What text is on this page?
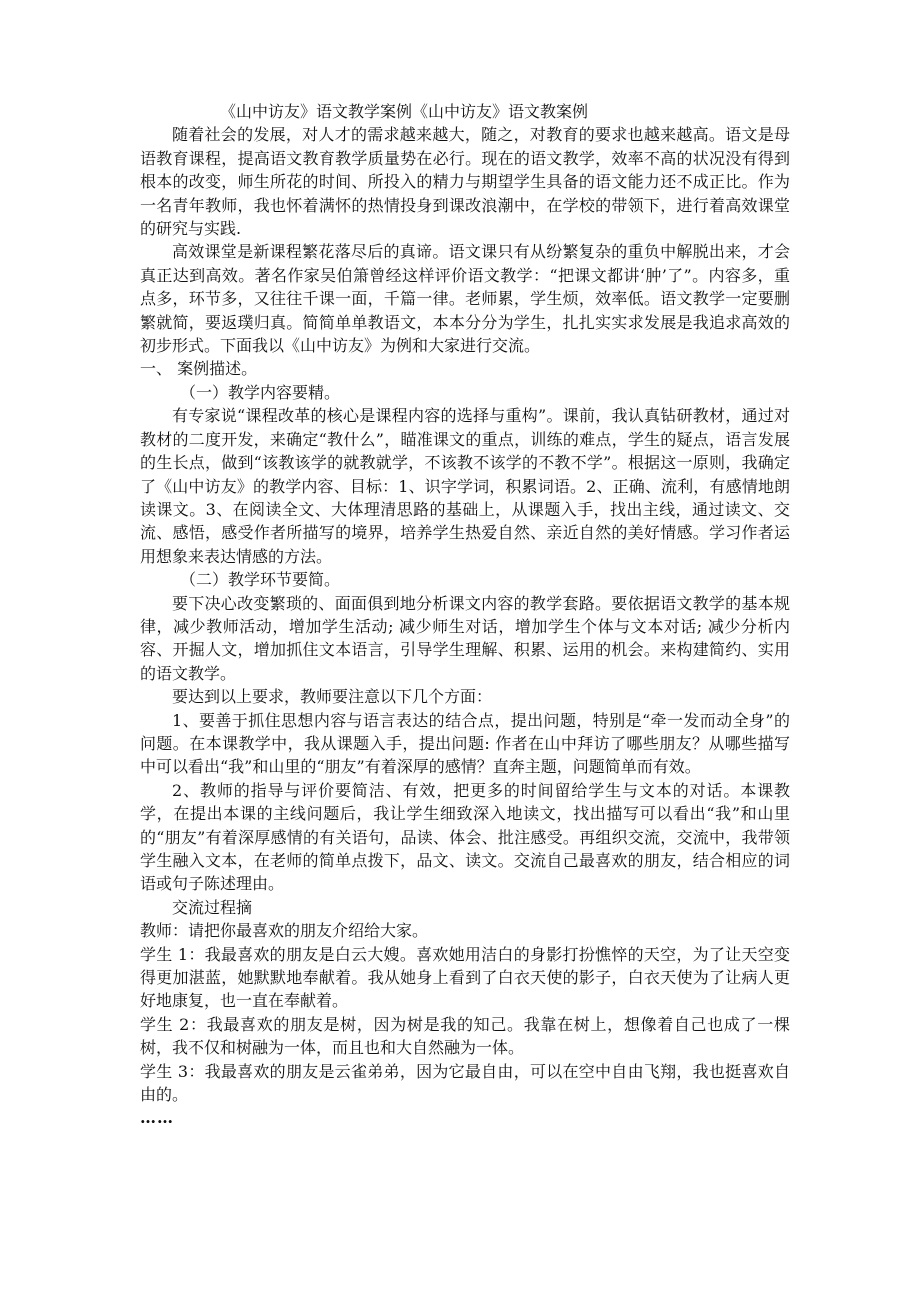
《山中访友》语文教学案例《山中访友》语文教案例

随着社会的发展，对人才的需求越来越大，随之，对教育的要求也越来越高。语文是母语教育课程，提高语文教育教学质量势在必行。现在的语文教学，效率不高的状况没有得到根本的改变，师生所花的时间、所投入的精力与期望学生具备的语文能力还不成正比。作为一名青年教师，我也怀着满怀的热情投身到课改浪潮中，在学校的带领下，进行着高效课堂的研究与实践.

高效课堂是新课程繁花落尽后的真谛。语文课只有从纷繁复杂的重负中解脱出来，才会真正达到高效。著名作家吴伯箫曾经这样评价语文教学：“把课文都讲‘肿’了”。内容多，重点多，环节多，又往往千课一面，千篇一律。老师累，学生烦，效率低。语文教学一定要删繁就简，要返璞归真。简简单单教语文，本本分分为学生，扎扎实实求发展是我追求高效的初步形式。下面我以《山中访友》为例和大家进行交流。

一、 案例描述。

（一）教学内容要精。

有专家说“课程改革的核心是课程内容的选择与重构”。课前，我认真钻研教材，通过对教材的二度开发，来确定“教什么”，瞄准课文的重点，训练的难点，学生的疑点，语言发展的生长点，做到“该教该学的就教就学，不该教不该学的不教不学”。根据这一原则，我确定了《山中访友》的教学内容、目标：1、识字学词，积累词语。2、正确、流利，有感情地朗读课文。3、在阅读全文、大体理清思路的基础上，从课题入手，找出主线，通过读文、交流、感悟，感受作者所描写的境界，培养学生热爱自然、亲近自然的美好情感。学习作者运用想象来表达情感的方法。

（二）教学环节要简。

要下决心改变繁琐的、面面俱到地分析课文内容的教学套路。要依据语文教学的基本规律，减少教师活动，增加学生活动; 减少师生对话，增加学生个体与文本对话; 减少分析内容、开掘人文，增加抓住文本语言，引导学生理解、积累、运用的机会。来构建简约、实用的语文教学。

要达到以上要求，教师要注意以下几个方面：

1、要善于抓住思想内容与语言表达的结合点，提出问题，特别是“牵一发而动全身”的问题。在本课教学中，我从课题入手，提出问题: 作者在山中拜访了哪些朋友？从哪些描写中可以看出“我”和山里的“朋友”有着深厚的感情？直奔主题，问题简单而有效。

2、教师的指导与评价要简洁、有效，把更多的时间留给学生与文本的对话。本课教学，在提出本课的主线问题后，我让学生细致深入地读文，找出描写可以看出“我”和山里的“朋友”有着深厚感情的有关语句，品读、体会、批注感受。再组织交流，交流中，我带领学生融入文本，在老师的简单点拨下，品文、读文。交流自己最喜欢的朋友，结合相应的词语或句子陈述理由。

交流过程摘

教师：请把你最喜欢的朋友介绍给大家。

学生 1：我最喜欢的朋友是白云大嫂。喜欢她用洁白的身影打扮憔悴的天空，为了让天空变得更加湛蓝，她默默地奉献着。我从她身上看到了白衣天使的影子，白衣天使为了让病人更好地康复，也一直在奉献着。

学生 2：我最喜欢的朋友是树，因为树是我的知己。我靠在树上，想像着自己也成了一棵树，我不仅和树融为一体，而且也和大自然融为一体。

学生 3：我最喜欢的朋友是云雀弟弟，因为它最自由，可以在空中自由飞翔，我也挺喜欢自由的。

……
